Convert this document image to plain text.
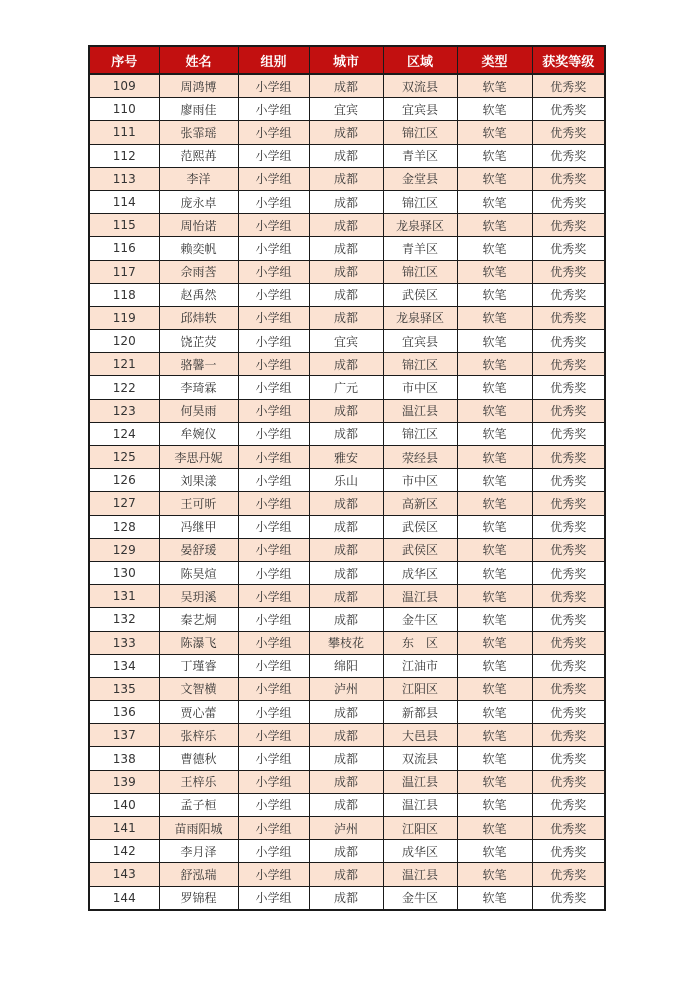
序号	姓名	组别	城市	区域	类型	获奖等级
109	周鸿博	小学组	成都	双流县	软笔	优秀奖
110	廖雨佳	小学组	宜宾	宜宾县	软笔	优秀奖
111	张霏瑶	小学组	成都	锦江区	软笔	优秀奖
112	范熙苒	小学组	成都	青羊区	软笔	优秀奖
113	李洋	小学组	成都	金堂县	软笔	优秀奖
114	庞永卓	小学组	成都	锦江区	软笔	优秀奖
115	周怡诺	小学组	成都	龙泉驿区	软笔	优秀奖
116	赖奕帆	小学组	成都	青羊区	软笔	优秀奖
117	佘雨莟	小学组	成都	锦江区	软笔	优秀奖
118	赵禹然	小学组	成都	武侯区	软笔	优秀奖
119	邱炜轶	小学组	成都	龙泉驿区	软笔	优秀奖
120	饶芷荧	小学组	宜宾	宜宾县	软笔	优秀奖
121	骆馨一	小学组	成都	锦江区	软笔	优秀奖
122	李琦霖	小学组	广元	市中区	软笔	优秀奖
123	何昊雨	小学组	成都	温江县	软笔	优秀奖
124	牟婉仪	小学组	成都	锦江区	软笔	优秀奖
125	李思丹妮	小学组	雅安	荥经县	软笔	优秀奖
126	刘果漾	小学组	乐山	市中区	软笔	优秀奖
127	王可昕	小学组	成都	高新区	软笔	优秀奖
128	冯继甲	小学组	成都	武侯区	软笔	优秀奖
129	晏舒瑗	小学组	成都	武侯区	软笔	优秀奖
130	陈昊煊	小学组	成都	成华区	软笔	优秀奖
131	吴玥溪	小学组	成都	温江县	软笔	优秀奖
132	秦艺烔	小学组	成都	金牛区	软笔	优秀奖
133	陈瀑飞	小学组	攀枝花	东　区	软笔	优秀奖
134	丁瑾睿	小学组	绵阳	江油市	软笔	优秀奖
135	文智横	小学组	泸州	江阳区	软笔	优秀奖
136	贾心蕾	小学组	成都	新都县	软笔	优秀奖
137	张梓乐	小学组	成都	大邑县	软笔	优秀奖
138	曹德秋	小学组	成都	双流县	软笔	优秀奖
139	王梓乐	小学组	成都	温江县	软笔	优秀奖
140	孟子桓	小学组	成都	温江县	软笔	优秀奖
141	苗雨阳城	小学组	泸州	江阳区	软笔	优秀奖
142	李月泽	小学组	成都	成华区	软笔	优秀奖
143	舒泓瑞	小学组	成都	温江县	软笔	优秀奖
144	罗锦程	小学组	成都	金牛区	软笔	优秀奖
